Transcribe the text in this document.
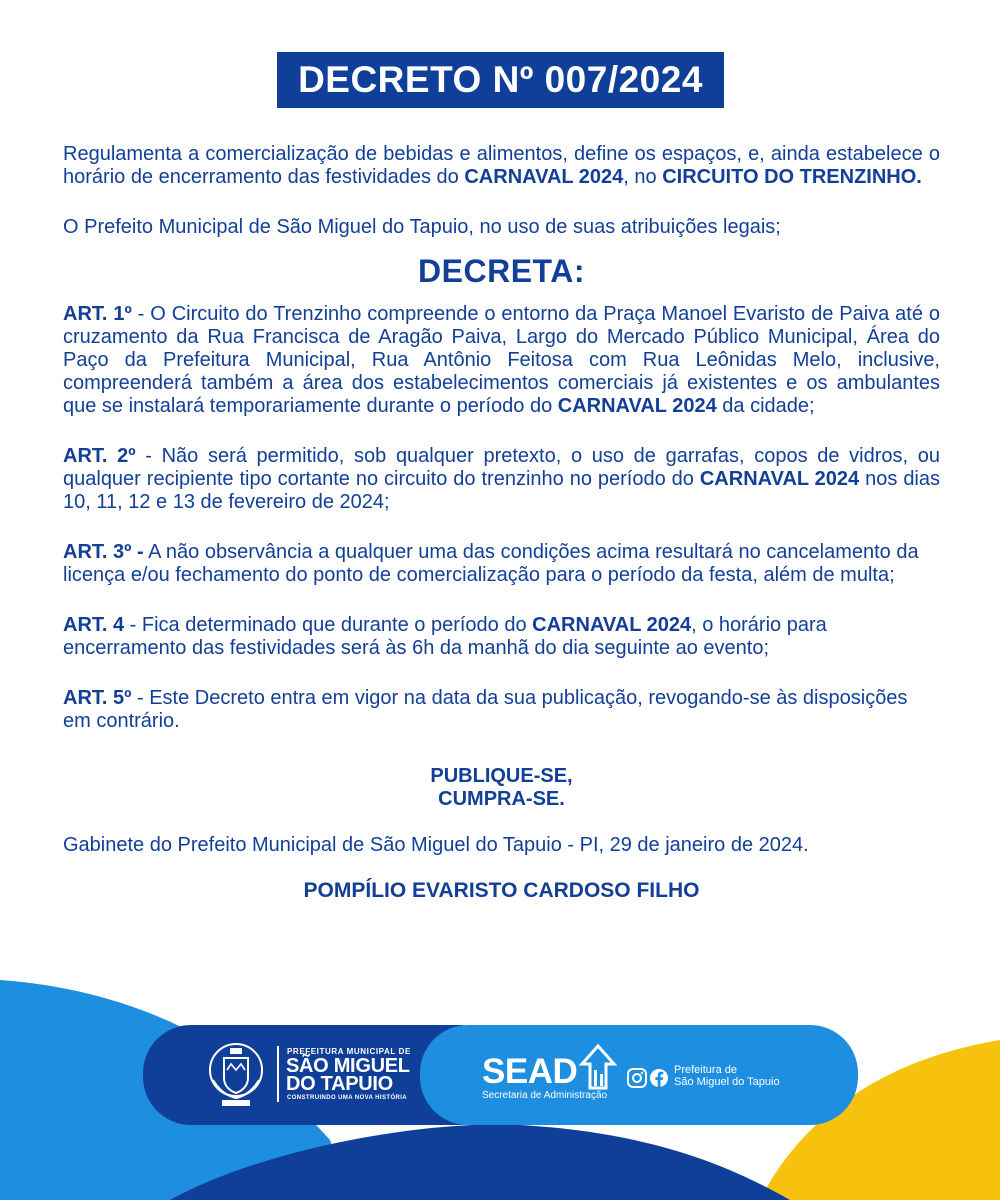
DECRETO Nº 007/2024

Regulamenta a comercialização de bebidas e alimentos, define os espaços, e, ainda estabelece o horário de encerramento das festividades do CARNAVAL 2024, no CIRCUITO DO TRENZINHO.

O Prefeito Municipal de São Miguel do Tapuio, no uso de suas atribuições legais;

DECRETA:

ART. 1º - O Circuito do Trenzinho compreende o entorno da Praça Manoel Evaristo de Paiva até o cruzamento da Rua Francisca de Aragão Paiva, Largo do Mercado Público Municipal, Área do Paço da Prefeitura Municipal, Rua Antônio Feitosa com Rua Leônidas Melo, inclusive, compreenderá também a área dos estabelecimentos comerciais já existentes e os ambulantes que se instalará temporariamente durante o período do CARNAVAL 2024 da cidade;

ART. 2º - Não será permitido, sob qualquer pretexto, o uso de garrafas, copos de vidros, ou qualquer recipiente tipo cortante no circuito do trenzinho no período do CARNAVAL 2024 nos dias 10, 11, 12 e 13 de fevereiro de 2024;

ART. 3º - A não observância a qualquer uma das condições acima resultará no cancelamento da licença e/ou fechamento do ponto de comercialização para o período da festa, além de multa;

ART. 4 - Fica determinado que durante o período do CARNAVAL 2024, o horário para encerramento das festividades será às 6h da manhã do dia seguinte ao evento;

ART. 5º - Este Decreto entra em vigor na data da sua publicação, revogando-se às disposições em contrário.

PUBLIQUE-SE,

CUMPRA-SE.

Gabinete do Prefeito Municipal de São Miguel do Tapuio - PI, 29 de janeiro de 2024.

POMPÍLIO EVARISTO CARDOSO FILHO

PREFEITURA MUNICIPAL DE
SÃO MIGUEL
DO TAPUIO
CONSTRUINDO UMA NOVA HISTÓRIA
SEAD
Secretaria de Administração
Prefeitura de
São Miguel do Tapuio
